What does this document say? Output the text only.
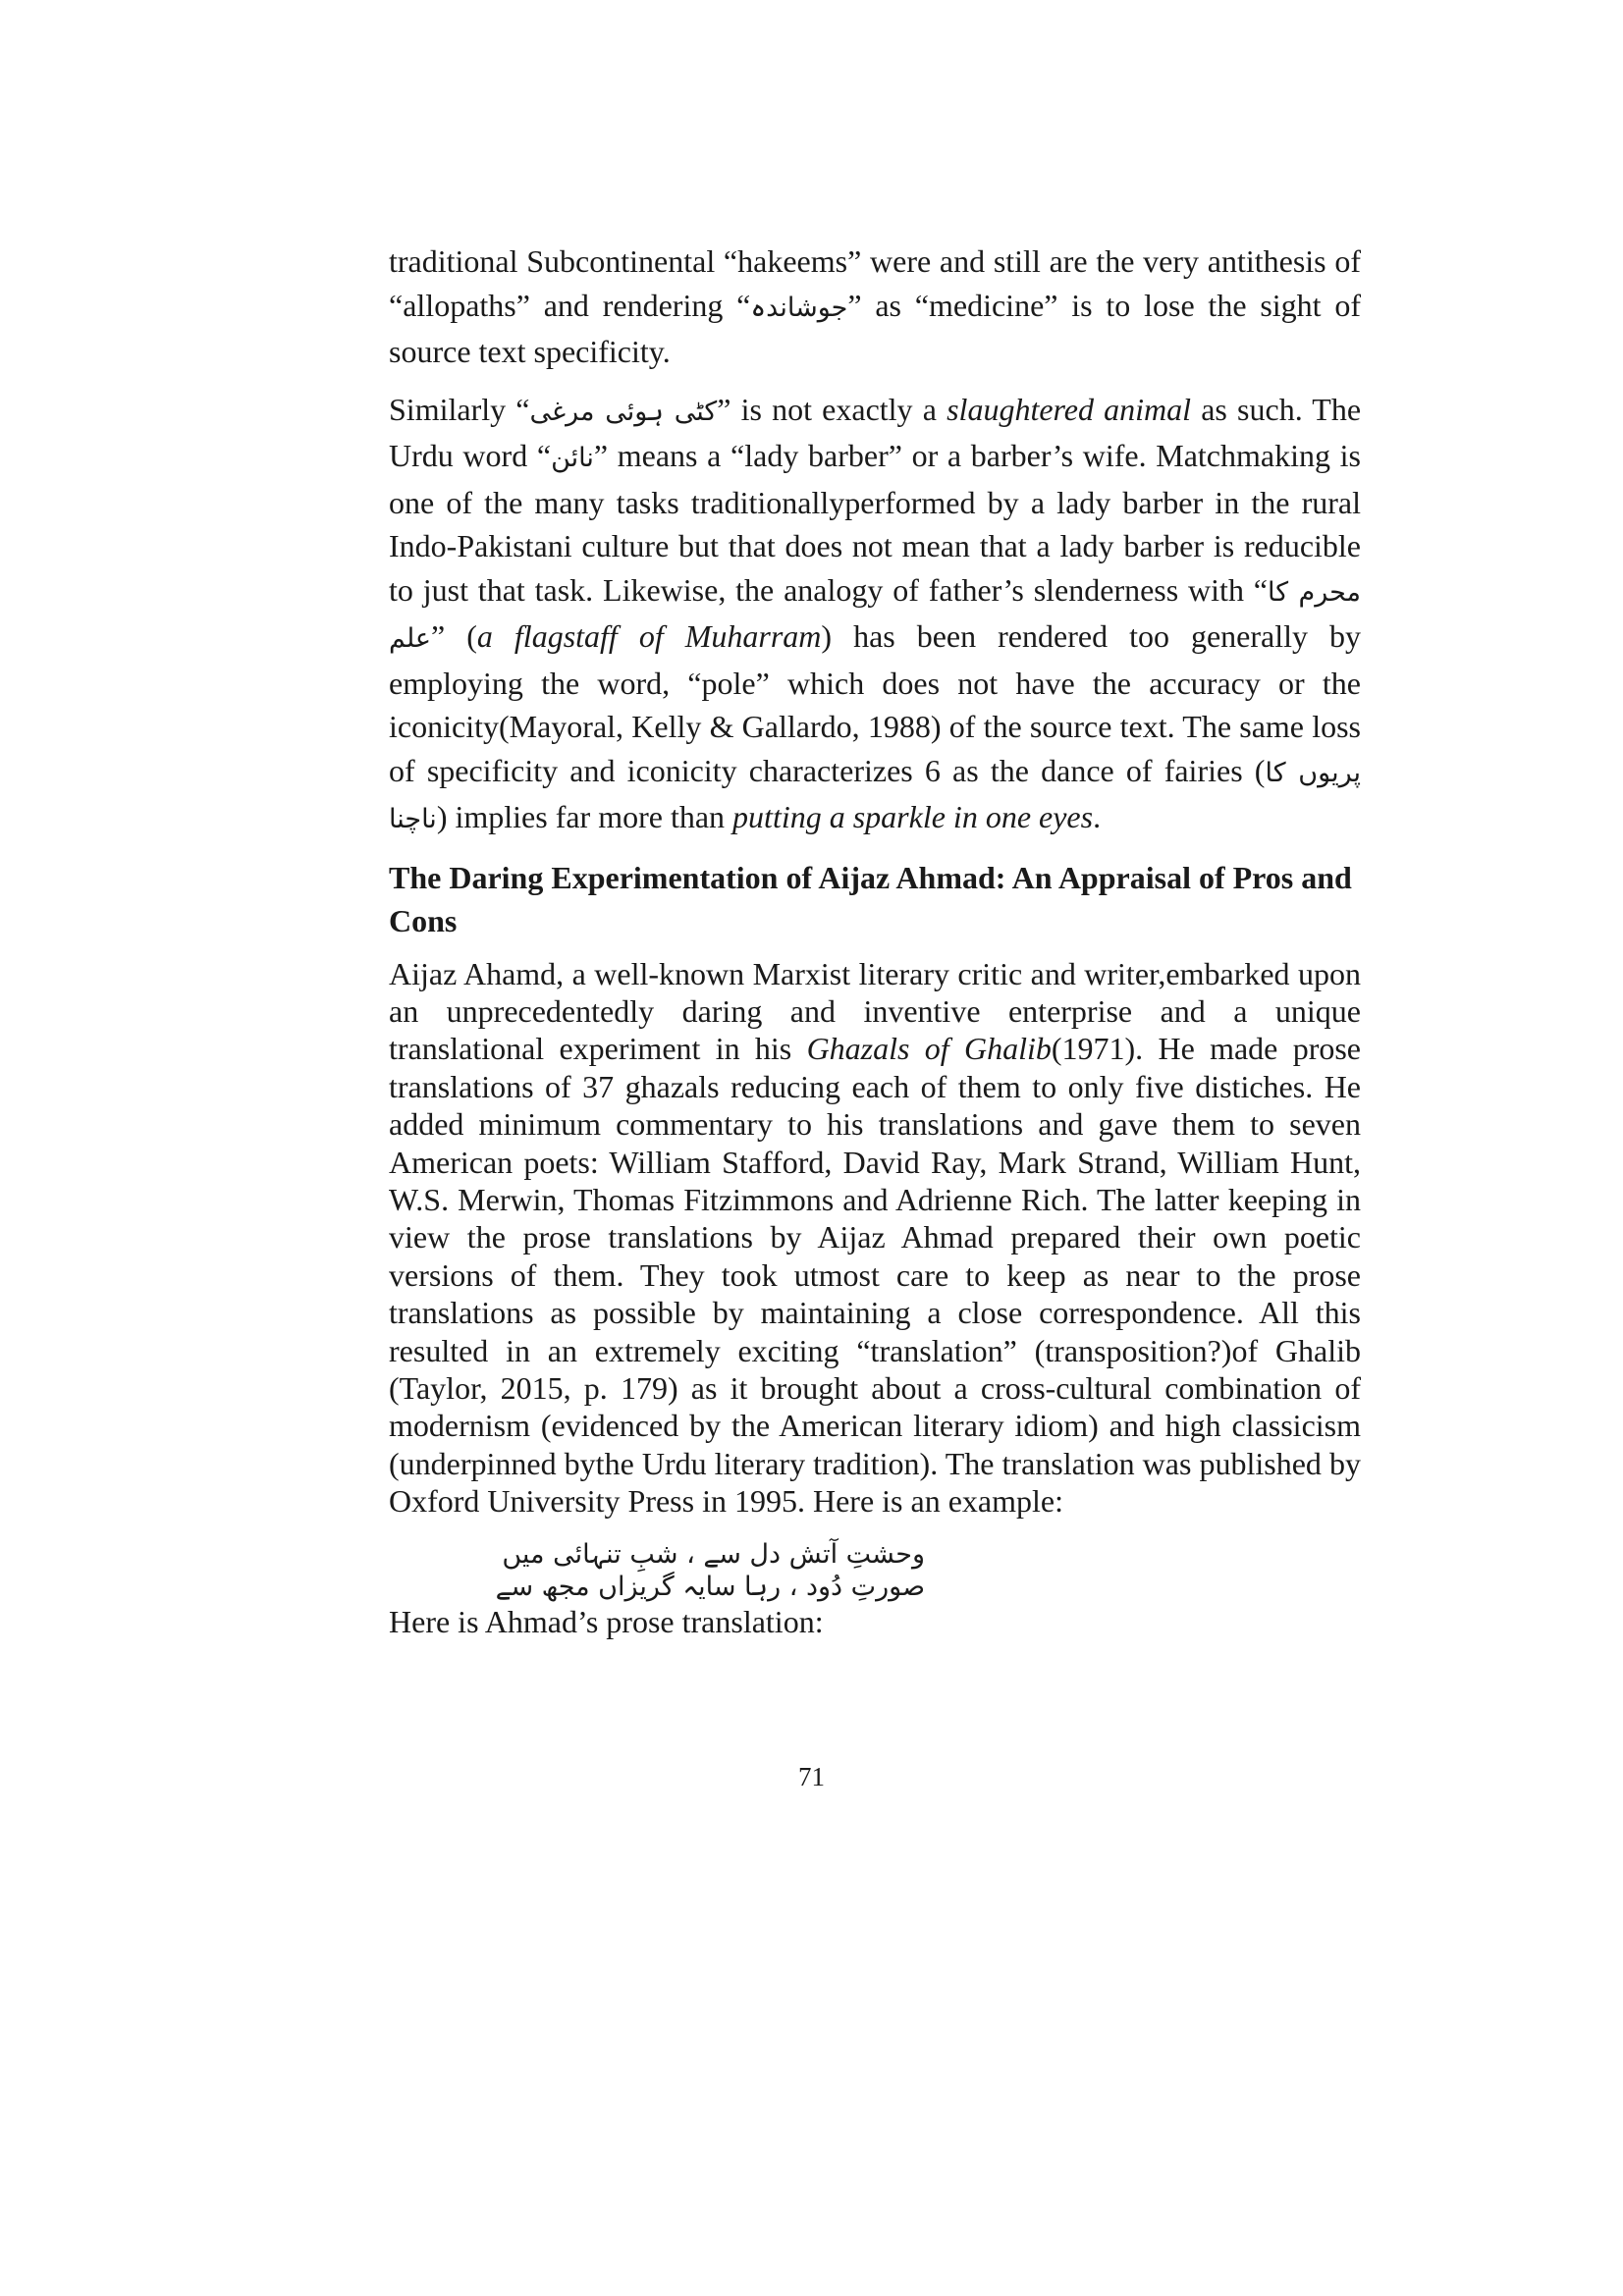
traditional Subcontinental “hakeems” were and still are the very antithesis of “allopaths” and rendering “جوشاندہ” as “medicine” is to lose the sight of source text specificity.

Similarly “کٹی ہوئی مرغی” is not exactly a slaughtered animal as such. The Urdu word “نائن” means a “lady barber” or a barber’s wife. Matchmaking is one of the many tasks traditionallyperformed by a lady barber in the rural Indo-Pakistani culture but that does not mean that a lady barber is reducible to just that task. Likewise, the analogy of father’s slenderness with “محرم کا علم” (a flagstaff of Muharram) has been rendered too generally by employing the word, “pole” which does not have the accuracy or the iconicity(Mayoral, Kelly & Gallardo, 1988) of the source text. The same loss of specificity and iconicity characterizes 6 as the dance of fairies (پریوں کا ناچنا) implies far more than putting a sparkle in one eyes.

The Daring Experimentation of Aijaz Ahmad: An Appraisal of Pros and Cons

Aijaz Ahamd, a well-known Marxist literary critic and writer,embarked upon an unprecedentedly daring and inventive enterprise and a unique translational experiment in his Ghazals of Ghalib(1971). He made prose translations of 37 ghazals reducing each of them to only five distiches. He added minimum commentary to his translations and gave them to seven American poets: William Stafford, David Ray, Mark Strand, William Hunt, W.S. Merwin, Thomas Fitzimmons and Adrienne Rich. The latter keeping in view the prose translations by Aijaz Ahmad prepared their own poetic versions of them. They took utmost care to keep as near to the prose translations as possible by maintaining a close correspondence. All this resulted in an extremely exciting “translation” (transposition?)of Ghalib (Taylor, 2015, p. 179) as it brought about a cross-cultural combination of modernism (evidenced by the American literary idiom) and high classicism (underpinned bythe Urdu literary tradition). The translation was published by Oxford University Press in 1995. Here is an example:

وحشتِ آتش دل سے ، شبِ تنہائی میں
صورتِ دُود ، رہا سایہ گریزاں مجھ سے

Here is Ahmad’s prose translation:

71
